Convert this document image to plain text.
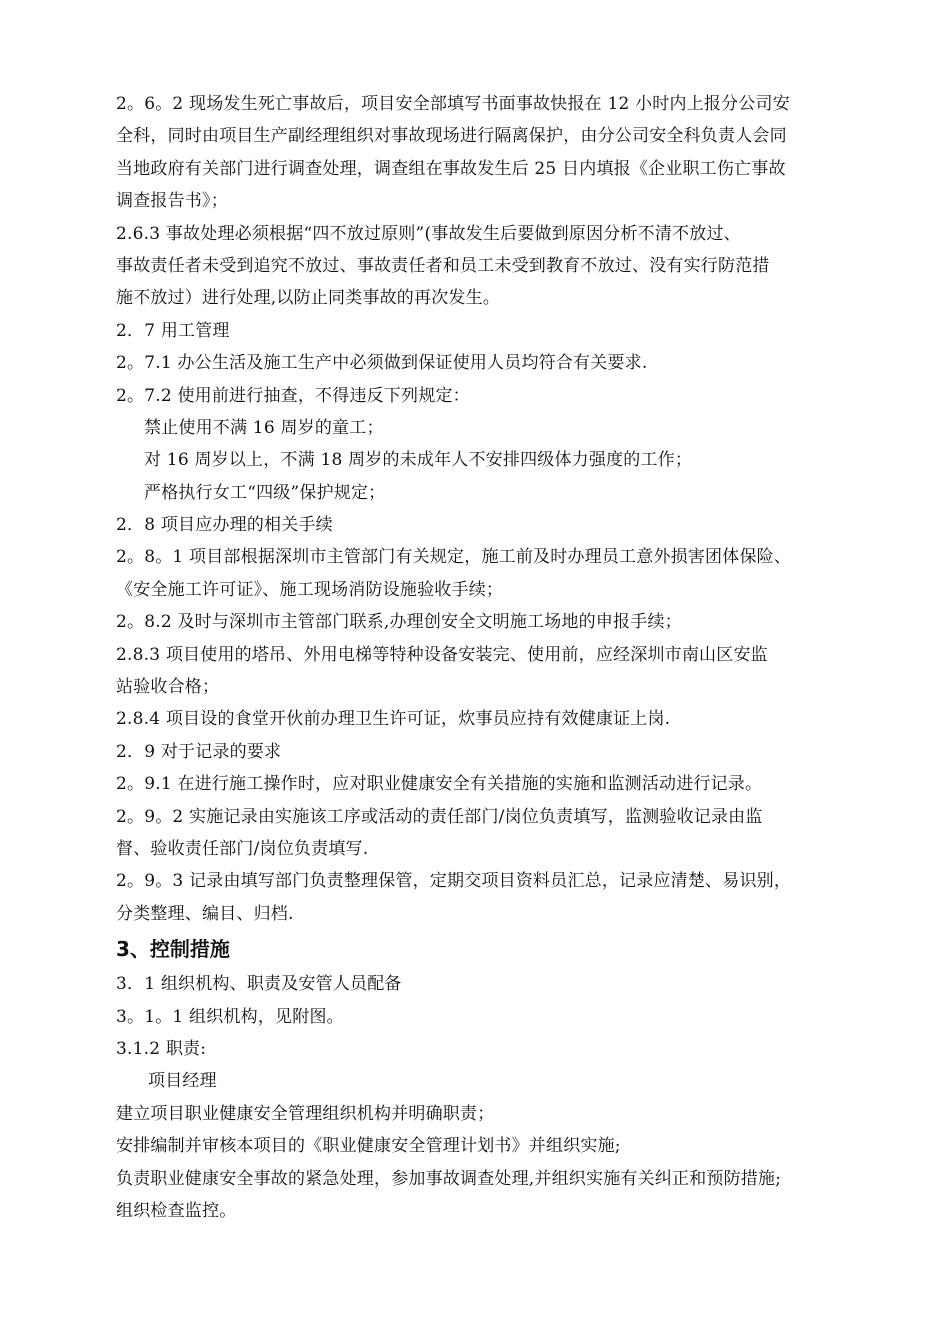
2。6。2 现场发生死亡事故后，项目安全部填写书面事故快报在 12 小时内上报分公司安
全科，同时由项目生产副经理组织对事故现场进行隔离保护，由分公司安全科负责人会同
当地政府有关部门进行调查处理，调查组在事故发生后 25 日内填报《企业职工伤亡事故
调查报告书》；
2.6.3 事故处理必须根据“四不放过原则”(事故发生后要做到原因分析不清不放过、
事故责任者未受到追究不放过、事故责任者和员工未受到教育不放过、没有实行防范措
施不放过）进行处理,以防止同类事故的再次发生。
2．7 用工管理
2。7.1 办公生活及施工生产中必须做到保证使用人员均符合有关要求.
2。7.2 使用前进行抽查，不得违反下列规定：
禁止使用不满 16 周岁的童工；
对 16 周岁以上，不满 18 周岁的未成年人不安排四级体力强度的工作；
严格执行女工“四级”保护规定；
2．8 项目应办理的相关手续
2。8。1 项目部根据深圳市主管部门有关规定，施工前及时办理员工意外损害团体保险、
《安全施工许可证》、施工现场消防设施验收手续；
2。8.2 及时与深圳市主管部门联系,办理创安全文明施工场地的申报手续；
2.8.3 项目使用的塔吊、外用电梯等特种设备安装完、使用前，应经深圳市南山区安监
站验收合格；
2.8.4 项目设的食堂开伙前办理卫生许可证，炊事员应持有效健康证上岗.
2．9 对于记录的要求
2。9.1 在进行施工操作时，应对职业健康安全有关措施的实施和监测活动进行记录。
2。9。2 实施记录由实施该工序或活动的责任部门/岗位负责填写，监测验收记录由监
督、验收责任部门/岗位负责填写.
2。9。3 记录由填写部门负责整理保管，定期交项目资料员汇总，记录应清楚、易识别，
分类整理、编目、归档.
3、控制措施
3．1 组织机构、职责及安管人员配备
3。1。1 组织机构，见附图。
3.1.2 职责:
项目经理
建立项目职业健康安全管理组织机构并明确职责；
安排编制并审核本项目的《职业健康安全管理计划书》并组织实施;
负责职业健康安全事故的紧急处理，参加事故调查处理,并组织实施有关纠正和预防措施;
组织检查监控。
